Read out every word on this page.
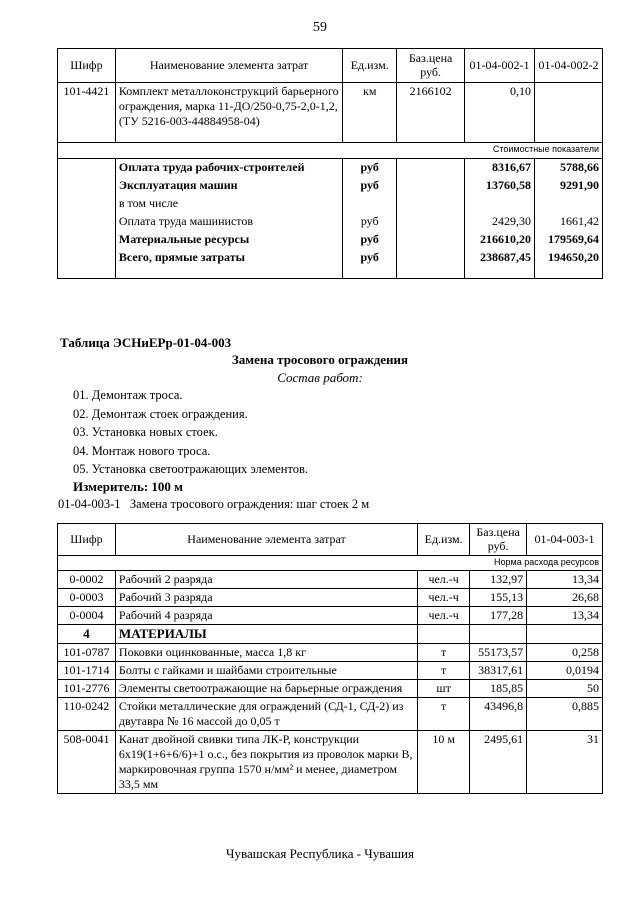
59
Шифр	Наименование элемента затрат	Ед.изм.	Баз.цена руб.	01-04-002-1	01-04-002-2
101-4421	Комплект металлоконструкций барьерного ограждения, марка 11-ДО/250-0,75-2,0-1,2, (ТУ 5216-003-44884958-04)	км	2166102	0,10	
Стоимостные показатели					
	Оплата труда рабочих-строителей	руб		8316,67	5788,66
	Эксплуатация машин	руб		13760,58	9291,90
	в том числе				
	Оплата труда машинистов	руб		2429,30	1661,42
	Материальные ресурсы	руб		216610,20	179569,64
	Всего, прямые затраты	руб		238687,45	194650,20

Таблица ЭСНиЕРр-01-04-003
Замена тросового ограждения
Состав работ:
01. Демонтаж троса.
02. Демонтаж стоек ограждения.
03. Установка новых стоек.
04. Монтаж нового троса.
05. Установка светоотражающих элементов.
Измеритель: 100 м
01-04-003-1   Замена тросового ограждения: шаг стоек 2 м
Шифр	Наименование элемента затрат	Ед.изм.	Баз.цена руб.	01-04-003-1
Норма расхода ресурсов				
0-0002	Рабочий 2 разряда	чел.-ч	132,97	13,34
0-0003	Рабочий 3 разряда	чел.-ч	155,13	26,68
0-0004	Рабочий 4 разряда	чел.-ч	177,28	13,34
4	МАТЕРИАЛЫ			
101-0787	Поковки оцинкованные, масса 1,8 кг	т	55173,57	0,258
101-1714	Болты с гайками и шайбами строительные	т	38317,61	0,0194
101-2776	Элементы светоотражающие на барьерные ограждения	шт	185,85	50
110-0242	Стойки металлические для ограждений (СД-1, СД-2) из двутавра № 16 массой до 0,05 т	т	43496,8	0,885
508-0041	Канат двойной свивки типа ЛК-Р, конструкции 6х19(1+6+6/6)+1 о.с., без покрытия из проволок марки В, маркировочная группа 1570 н/мм² и менее, диаметром 33,5 мм	10 м	2495,61	31
Чувашская Республика - Чувашия
